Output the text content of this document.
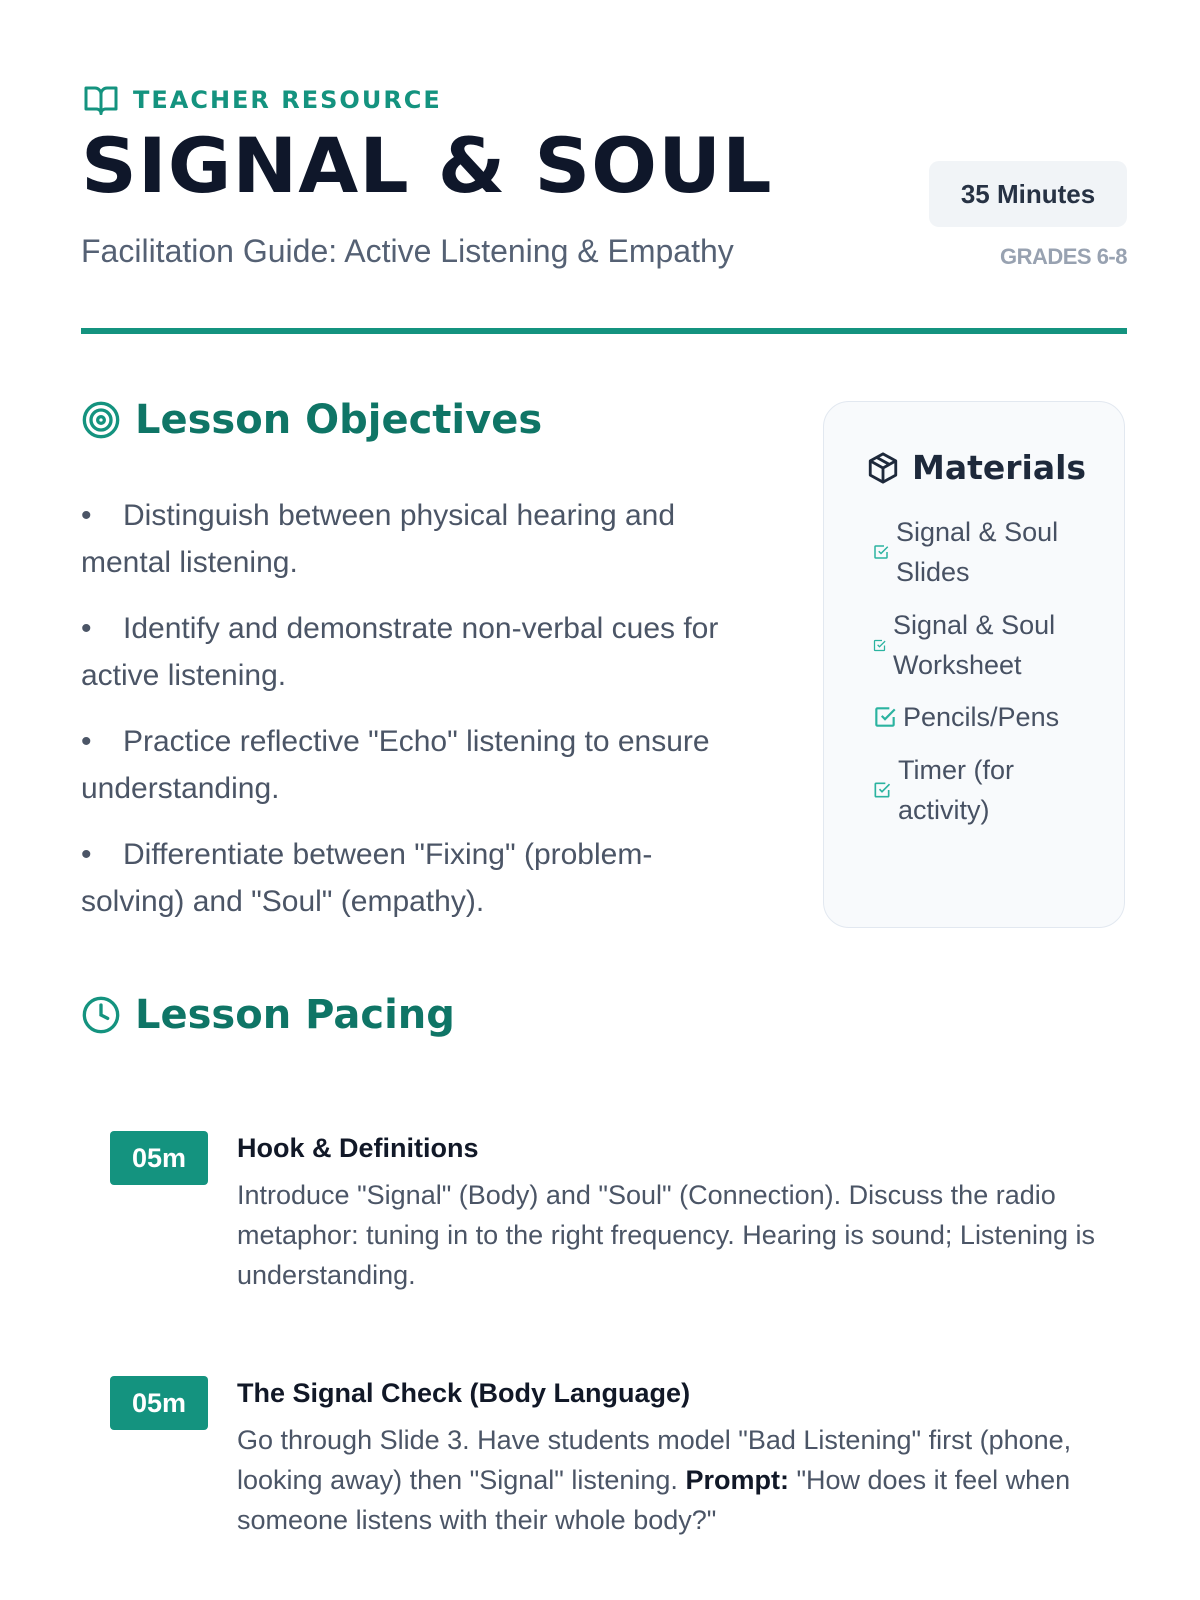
TEACHER RESOURCE
SIGNAL & SOUL
Facilitation Guide: Active Listening & Empathy
35 Minutes
GRADES 6-8
Lesson Objectives
• Distinguish between physical hearing and mental listening.
• Identify and demonstrate non-verbal cues for active listening.
• Practice reflective "Echo" listening to ensure understanding.
• Differentiate between "Fixing" (problem-solving) and "Soul" (empathy).
Materials
Signal & Soul
Slides
Signal & Soul
Worksheet
Pencils/Pens
Timer (for
activity)
Lesson Pacing
05m	Hook & Definitions
Introduce "Signal" (Body) and "Soul" (Connection). Discuss the radio metaphor: tuning in to the right frequency. Hearing is sound; Listening is understanding.
05m	The Signal Check (Body Language)
Go through Slide 3. Have students model "Bad Listening" first (phone, looking away) then "Signal" listening. Prompt: "How does it feel when someone listens with their whole body?"
